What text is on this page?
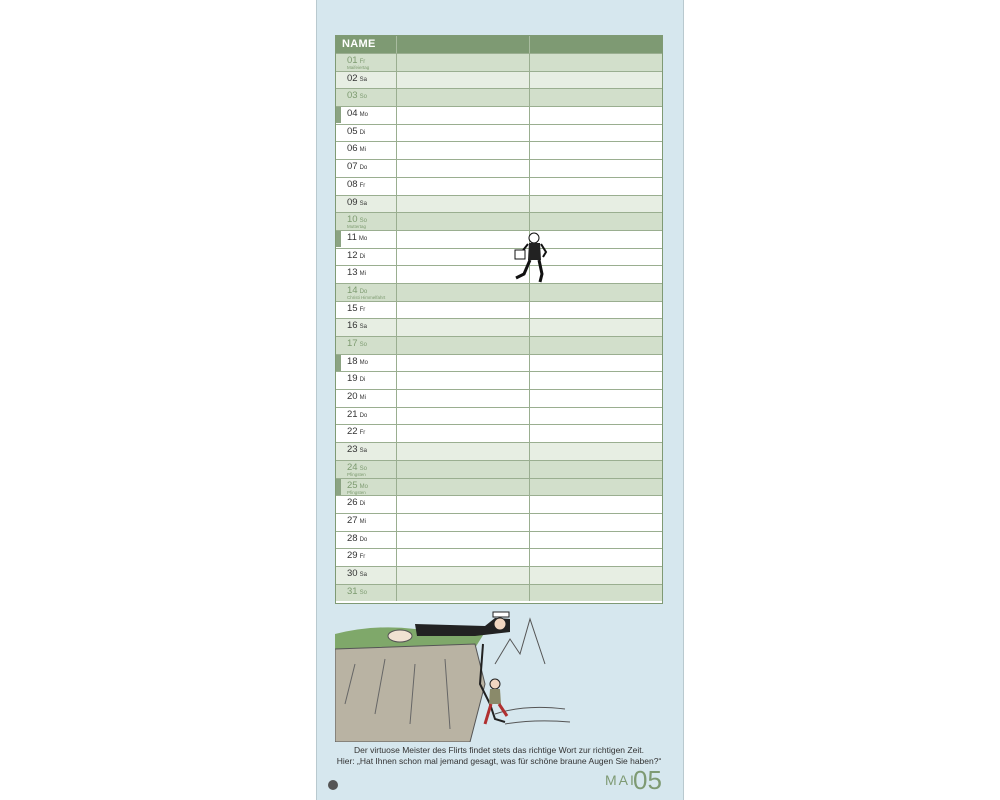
NAME
01 Fr
Maifeiertag
02 Sa
03 So
04 Mo
05 Di
06 Mi
07 Do
08 Fr
09 Sa
10 So
Muttertag
11 Mo
12 Di
13 Mi
14 Do
Christi Himmelfahrt
15 Fr
16 Sa
17 So
18 Mo
19 Di
20 Mi
21 Do
22 Fr
23 Sa
24 So
Pfingsten
25 Mo
Pfingsten
26 Di
27 Mi
28 Do
29 Fr
30 Sa
31 So
Der virtuose Meister des Flirts findet stets das richtige Wort zur richtigen Zeit.
Hier: „Hat Ihnen schon mal jemand gesagt, was für schöne braune Augen Sie haben?“
MAI
05
